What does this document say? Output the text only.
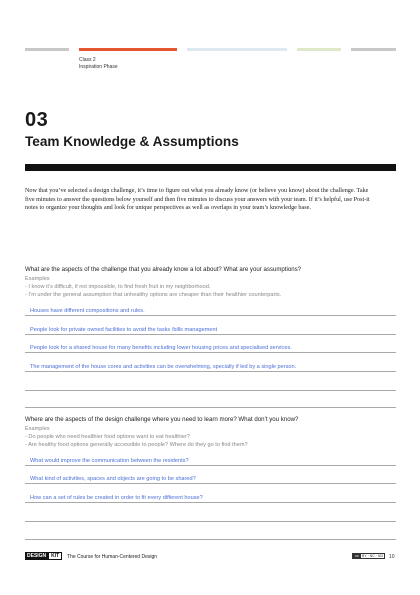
Class 2
Inspiration Phase
03
Team Knowledge & Assumptions
Now that you’ve selected a design challenge, it’s time to figure out what you already know (or believe you know) about the challenge. Take five minutes to answer the questions below yourself and then five minutes to discuss your answers with your team. If it’s helpful, use Post-it notes to organize your thoughts and look for unique perspectives as well as overlaps in your team’s knowledge base.
What are the aspects of the challenge that you already know a lot about? What are your assumptions?
Examples
- I know it’s difficult, if not impossible, to find fresh fruit in my neighborhood.
- I’m under the general assumption that unhealthy options are cheaper than their healthier counterparts.
Houses have different compositions and rules.
People look for private owned facilities to avoid the tasks /bills management
People look for a shared house for many benefits including lower housing prices and specialised services.
The management of the house cores and activities can be overwhelming, specially if led by a single person.
Where are the aspects of the design challenge where you need to learn more? What don’t you know?
Examples
- Do people who need healthier food options want to eat healthier?
- Are healthy food options generally accessible to people? Where do they go to find them?
What would improve the communication between the residents?
What kind of activities, spaces and objects are going to be shared?
How can a set of rules be created in order to fit every different house?
DESIGN	KIT	The Course for Human-Centered Design	cc BY · NC · ND 10
